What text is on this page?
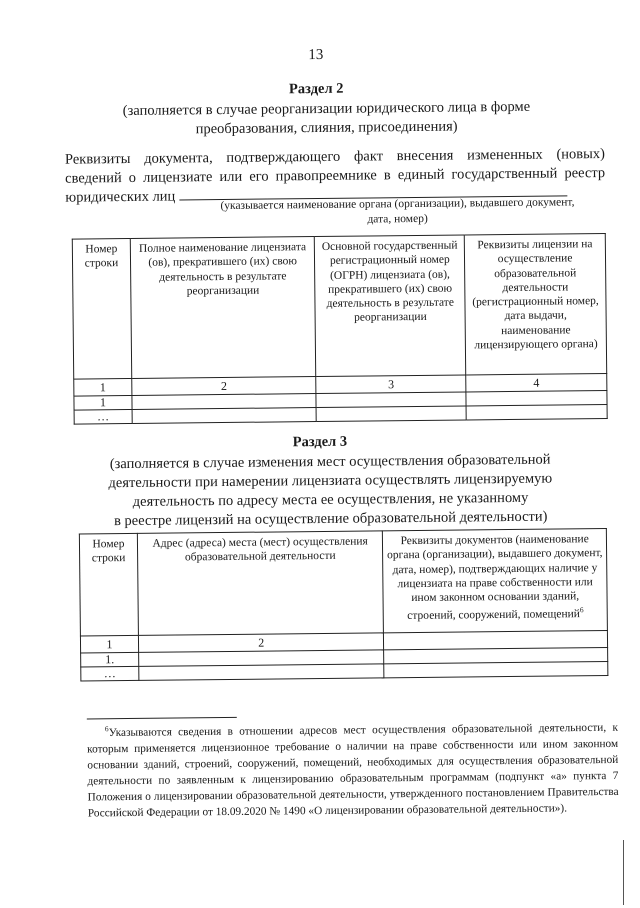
13
Раздел 2
(заполняется в случае реорганизации юридического лица в форме
преобразования, слияния, присоединения)
Реквизиты документа, подтверждающего факт внесения измененных (новых)
сведений о лицензиате или его правопреемнике в единый государственный реестр
юридических лиц	(указывается наименование органа (организации), выдавшего документ,
дата, номер)
Номер строки	Полное наименование лицензиата (ов), прекратившего (их) свою деятельность в результате реорганизации	Основной государственный регистрационный номер (ОГРН) лицензиата (ов), прекратившего (их) свою деятельность в результате реорганизации	Реквизиты лицензии на осуществление образовательной деятельности (регистрационный номер, дата выдачи, наименование лицензирующего органа)
1	2	3	4
1			
…			
Раздел 3
(заполняется в случае изменения мест осуществления образовательной
деятельности при намерении лицензиата осуществлять лицензируемую
деятельность по адресу места ее осуществления, не указанному
в реестре лицензий на осуществление образовательной деятельности)
Номер строки	Адрес (адреса) места (мест) осуществления образовательной деятельности	Реквизиты документов (наименование органа (организации), выдавшего документ, дата, номер), подтверждающих наличие у лицензиата на праве собственности или ином законном основании зданий, строений, сооружений, помещений$^6$
1	2	
1.		
…		
$^6$Указываются сведения в отношении адресов мест осуществления образовательной деятельности, к которым применяется лицензионное требование о наличии на праве собственности или ином законном основании зданий, строений, сооружений, помещений, необходимых для осуществления образовательной деятельности по заявленным к лицензированию образовательным программам (подпункт «а» пункта 7 Положения о лицензировании образовательной деятельности, утвержденного постановлением Правительства Российской Федерации от 18.09.2020 № 1490 «О лицензировании образовательной деятельности»).
